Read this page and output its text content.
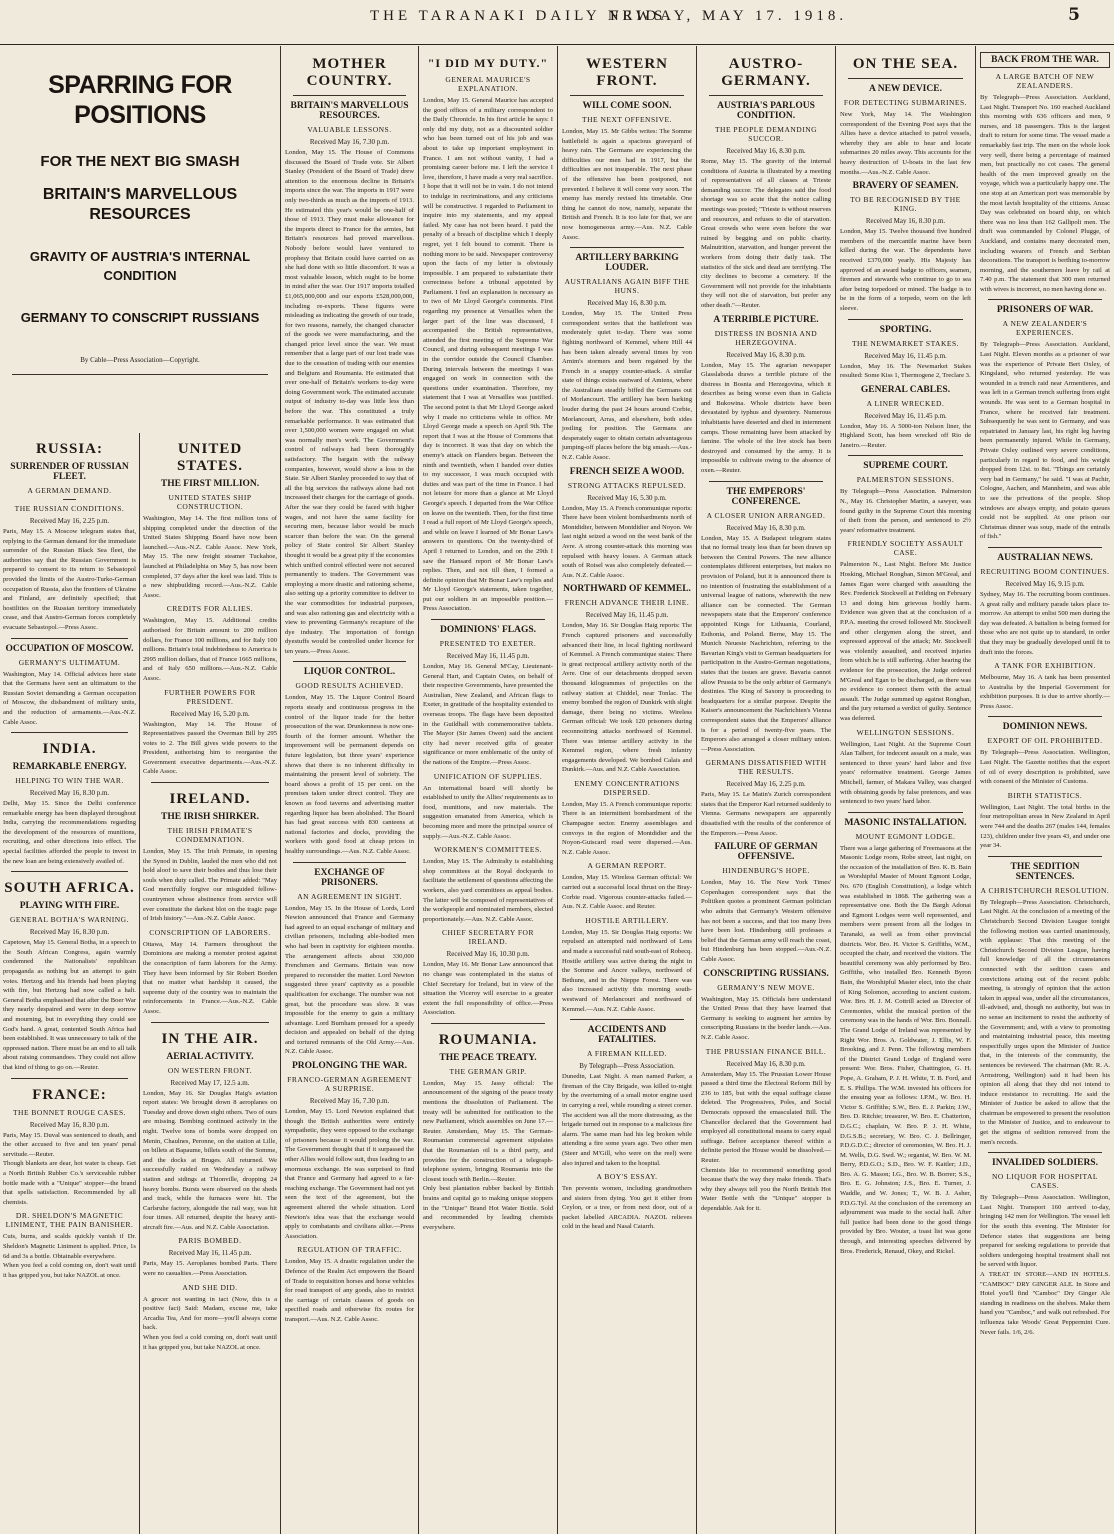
THE TARANAKI DAILY NEWS.
FRIDAY, MAY 17. 1918.	5
SPARRING FOR POSITIONS
FOR THE NEXT BIG SMASH
BRITAIN'S MARVELLOUS RESOURCES
GRAVITY OF AUSTRIA'S INTERNAL CONDITION
GERMANY TO CONSCRIPT RUSSIANS
By Cable—Press Association—Copyright.
RUSSIA:
SURRENDER OF RUSSIAN FLEET.
A GERMAN DEMAND.
THE RUSSIAN CONDITIONS.
Received May 16, 2.25 p.m.
Paris, May 15. A Moscow telegram states that, replying to the German demand for the immediate surrender of the Russian Black Sea fleet, the authorities say that the Russian Government is prepared to consent to its return to Sebastopol provided the limits of the Austro-Turko-German occupation of Russia, also the frontiers of Ukraine and Finland, are definitely specified; that hostilities on the Russian territory immediately cease, and that Austro-German forces completely evacuate Sebastopol.—Press Assoc.
OCCUPATION OF MOSCOW.
GERMANY'S ULTIMATUM.
Washington, May 14. Official advices here state that the Germans have sent an ultimatum to the Russian Soviet demanding a German occupation of Moscow, the disbandment of military units, and the reduction of armaments.—Aus.-N.Z. Cable Assoc.
INDIA.
REMARKABLE ENERGY.
HELPING TO WIN THE WAR.
Received May 16, 8.30 p.m.
Delhi, May 15. Since the Delhi conference remarkable energy has been displayed throughout India, carrying the recommendations regarding the development of the resources of munitions, recruiting, and other directions into effect. The special facilities afforded the people to invest in the new loan are being extensively availed of.
SOUTH AFRICA.
PLAYING WITH FIRE.
GENERAL BOTHA'S WARNING.
Received May 16, 8.30 p.m.
Capetown, May 15. General Botha, in a speech to the South African Congress, again warmly condemned the Nationalists' republican propaganda as nothing but an attempt to gain votes. Hertzog and his friends had been playing with fire, but Hertzog had now called a halt. General Botha emphasised that after the Boer War they nearly despaired and were in deep sorrow and mourning, but in everything they could see God's hand. A great, contented South Africa had been established. It was unnecessary to talk of the oppressed nation. There must be an end to all talk about raising commandoes. They could not allow that kind of thing to go on.—Reuter.
FRANCE:
THE BONNET ROUGE CASES.
Received May 16, 8.30 p.m.
Paris, May 15. Duval was sentenced to death, and the other accused to five and ten years' penal servitude.—Reuter.
Though blankets are dear, hot water is cheap. Get a North British Rubber Co.'s serviceable rubber bottle made with a "Unique" stopper—the brand that spells satisfaction. Recommended by all chemists.
DR. SHELDON'S MAGNETIC LINIMENT, THE PAIN BANISHER.
Cuts, burns, and scalds quickly vanish if Dr. Sheldon's Magnetic Liniment is applied. Price, 1s 6d and 3s a bottle. Obtainable everywhere.
When you feel a cold coming on, don't wait until it has gripped you, but take NAZOL at once.
UNITED STATES.
THE FIRST MILLION.
UNITED STATES SHIP CONSTRUCTION.
Washington, May 14. The first million tons of shipping completed under the direction of the United States Shipping Board have now been launched.—Aus.-N.Z. Cable Assoc. New York, May 15. The new freight steamer Tuckahoe, launched at Philadelphia on May 5, has now been completed, 37 days after the keel was laid. This is a new shipbuilding record.—Aus.-N.Z. Cable Assoc.
CREDITS FOR ALLIES.
Washington, May 15. Additional credits authorised for Britain amount to 200 million dollars, for France 100 millions, and for Italy 100 millions. Britain's total indebtedness to America is 2995 million dollars, that of France 1665 millions, and of Italy 650 millions.—Aus.-N.Z. Cable Assoc.
FURTHER POWERS FOR PRESIDENT.
Received May 16, 5.20 p.m.
Washington, May 14. The House of Representatives passed the Overman Bill by 295 votes to 2. The Bill gives wide powers to the President, authorising him to reorganise the Government executive departments.—Aus.-N.Z. Cable Assoc.
IRELAND.
THE IRISH SHIRKER.
THE IRISH PRIMATE'S CONDEMNATION.
London, May 15. The Irish Primate, in opening the Synod in Dublin, lauded the men who did not hold aloof to save their bodies and thus lose their souls when duty called. The Primate added: "May God mercifully forgive our misguided fellow-countrymen whose abstinence from service will ever constitute the darkest blot on the tragic page of Irish history."—Aus.-N.Z. Cable Assoc.
CONSCRIPTION OF LABORERS.
Ottawa, May 14. Farmers throughout the Dominions are making a monster protest against the conscription of farm laborers for the Army. They have been informed by Sir Robert Borden that no matter what hardship it caused, the supreme duty of the country was to maintain the reinforcements in France.—Aus.-N.Z. Cable Assoc.
IN THE AIR.
AERIAL ACTIVITY.
ON WESTERN FRONT.
Received May 17, 12.5 a.m.
London, May 16. Sir Douglas Haig's aviation report states: We brought down 8 aeroplanes on Tuesday and drove down eight others. Two of ours are missing. Bombing continued actively in the night. Twelve tons of bombs were dropped on Menin, Chaulnes, Peronne, on the station at Lille, on billets at Bapaume, billets south of the Somme, and the docks at Bruges. All returned. We successfully raided on Wednesday a railway station and sidings at Thionville, dropping 24 heavy bombs. Bursts were observed on the sheds and track, while the furnaces were hit. The Carlsruhe factory, alongside the rail way, was hit four times. All returned, despite the heavy anti-aircraft fire.—Aus. and N.Z. Cable Association.
PARIS BOMBED.
Received May 16, 11.45 p.m.
Paris, May 15. Aeroplanes bombed Paris. There were no casualties.—Press Association.
AND SHE DID.
A grocer not wanting in tact (Now, this is a positive fact) Said: Madam, excuse me, take Arcadia Tea, And for more—you'll always come back.
When you feel a cold coming on, don't wait until it has gripped you, but take NAZOL at once.
MOTHER COUNTRY.
BRITAIN'S MARVELLOUS RESOURCES.
VALUABLE LESSONS.
Received May 16, 7.30 p.m.
London, May 15. The House of Commons discussed the Board of Trade vote. Sir Albert Stanley (President of the Board of Trade) drew attention to the enormous decline in Britain's imports since the war. The imports in 1917 were only two-thirds as much as the imports of 1913. He estimated this year's would be one-half of those of 1913. They must make allowance for the imports direct to France for the armies, but Britain's resources had proved marvellous. Nobody before would have ventured to prophesy that Britain could have carried on as she had done with so little discomfort. It was a most valuable lesson, which ought to be borne in mind after the war. Our 1917 imports totalled £1,065,000,000 and our exports £528,000,000, including re-exports. These figures were misleading as indicating the growth of our trade, for two reasons, namely, the changed character of the goods we were manufacturing, and the changed price level since the war. We must remember that a large part of our lost trade was due to the cessation of trading with our enemies and Belgium and Roumania. He estimated that over one-half of Britain's workers to-day were doing Government work. The estimated accurate output of industry to-day was little less than before the war. This constituted a truly remarkable performance. It was estimated that over 1,500,000 women were engaged on what was normally men's work. The Government's control of railways had been thoroughly satisfactory. The bargain with the railway companies, however, would show a loss to the State. Sir Albert Stanley proceeded to say that of all the big services the railways alone had not increased their charges for the carriage of goods. After the war they could be faced with higher wages, and not have the same facility for securing men, because labor would be much scarcer than before the war. On the general policy of State control Sir Albert Stanley thought it would be a great pity if the economies which unified control effected were not secured permanently to traders. The Government was employing a more drastic and rationing scheme, also setting up a priority committee to deliver to the war commodities for industrial purposes, and was also rationing gas and electricity with a view to preventing Germany's recapture of the dye industry. The importation of foreign dyestuffs would be controlled under licence for ten years.—Press Assoc.
LIQUOR CONTROL.
GOOD RESULTS ACHIEVED.
London, May 15. The Liquor Control Board reports steady and continuous progress in the control of the liquor trade for the better prosecution of the war. Drunkenness is now one-fourth of the former amount. Whether the improvement will be permanent depends on future legislation, but three years' experience shows that there is no inherent difficulty in maintaining the present level of sobriety. The board shows a profit of 15 per cent. on the premises taken under direct control. They are known as food taverns and advertising matter regarding liquor has been abolished. The Board has had great success with 830 canteens at national factories and docks, providing the workers with good food at cheap prices in healthy surroundings.—Aus. N.Z. Cable Assoc.
EXCHANGE OF PRISONERS.
AN AGREEMENT IN SIGHT.
London, May 15. In the House of Lords, Lord Newton announced that France and Germany had agreed to an equal exchange of military and civilian prisoners, including able-bodied men who had been in captivity for eighteen months. The arrangement affects about 330,000 Frenchmen and Germans. Britain was now prepared to reconsider the matter. Lord Newton suggested three years' captivity as a possible qualification for exchange. The number was not great, but the procedure was slow. It was impossible for the enemy to gain a military advantage. Lord Burnham pressed for a speedy decision and appealed on behalf of the dying and tortured remnants of the Old Army.—Aus. N.Z. Cable Assoc.
PROLONGING THE WAR.
FRANCO-GERMAN AGREEMENT A SURPRISE.
Received May 16, 7.30 p.m.
London, May 15. Lord Newton explained that though the British authorities were entirely sympathetic, they were opposed to the exchange of prisoners because it would prolong the war. The Government thought that if it surpassed the other Allies would follow suit, thus leading to an enormous exchange. He was surprised to find that France and Germany had agreed to a far-reaching exchange. The Government had not yet seen the text of the agreement, but the agreement altered the whole situation. Lord Newton's idea was that the exchange would apply to combatants and civilians alike.—Press Association.
REGULATION OF TRAFFIC.
London, May 15. A drastic regulation under the Defence of the Realm Act empowers the Board of Trade to requisition horses and horse vehicles for road transport of any goods, also to restrict the carriage of certain classes of goods on specified roads and otherwise fix routes for transport.—Aus. N.Z. Cable Assoc.
"I DID MY DUTY."
GENERAL MAURICE'S EXPLANATION.
London, May 15. General Maurice has accepted the good offices of a military correspondent to the Daily Chronicle. In his first article he says: I only did my duty, not as a discounted soldier who has been turned out of his job and was about to take up important employment in France. I am not without vanity, I had a promising career before me. I left the service I love, therefore, I have made a very real sacrifice. I hope that it will not be in vain. I do not intend to indulge in recriminations, and any criticisms will be constructive. I regarded to Parliament to inquire into my statements, and my appeal failed. My case has not been heard. I paid the penalty of a breach of discipline which I deeply regret, yet I felt bound to commit. There is nothing more to be said. Newspaper controversy upon the facts of my letter is obviously impossible. I am prepared to substantiate their correctness before a tribunal appointed by Parliament. I feel an explanation is necessary as to two of Mr Lloyd George's comments. First regarding my presence at Versailles when the larger part of the line was discussed, I accompanied the British representatives, attended the first meeting of the Supreme War Council, and during subsequent meetings I was in the corridor outside the Council Chamber. During intervals between the meetings I was engaged on work in connection with the questions under examination. Therefore, my statement that I was at Versailles was justified. The second point is that Mr Lloyd George asked why I made no criticisms while in office. Mr Lloyd George made a speech on April 9th. The report that I was at the House of Commons that day is incorrect. It was that day on which the enemy's attack on Flanders began. Between the ninth and twentieth, when I handed over duties to my successor, I was much occupied with duties and was part of the time in France. I had not leisure for more than a glance at Mr Lloyd George's speech. I departed from the War Office on leave on the twentieth. Then, for the first time I read a full report of Mr Lloyd George's speech, and while on leave I learned of Mr Bonar Law's answers to questions. On the twenty-third of April I returned to London, and on the 29th I saw the Hansard report of Mr Bonar Law's replies. Then, and not till then, I formed a definite opinion that Mr Bonar Law's replies and Mr Lloyd George's statements, taken together, put our soldiers in an impossible position.—Press Association.
DOMINIONS' FLAGS.
PRESENTED TO EXETER.
Received May 16, 11.45 p.m.
London, May 16. General M'Cay, Lieutenant-General Hart, and Captain Oates, on behalf of their respective Governments, have presented the Australian, New Zealand, and African flags to Exeter, in gratitude of the hospitality extended to overseas troops. The flags have been deposited in the Guildhall with commemorative tablets. The Mayor (Sir James Owen) said the ancient city had never received gifts of greater significance or more emblematic of the unity of the nations of the Empire.—Press Assoc.
UNIFICATION OF SUPPLIES.
An international board will shortly be established to unify the Allies' requirements as to food, munitions, and raw materials. The suggestion emanated from America, which is becoming more and more the principal source of supply.—Aus.-N.Z. Cable Assoc.
WORKMEN'S COMMITTEES.
London, May 15. The Admiralty is establishing shop committees at the Royal dockyards to facilitate the settlement of questions affecting the workers, also yard committees as appeal bodies. The latter will be composed of representatives of the workpeople and nominated members, elected proportionately.—Aus. N.Z. Cable Assoc.
CHIEF SECRETARY FOR IRELAND.
Received May 16, 10.30 p.m.
London, May 16. Mr Bonar Law announced that no change was contemplated in the status of Chief Secretary for Ireland, but in view of the situation the Viceroy will exercise to a greater extent the full responsibility of office.—Press Association.
ROUMANIA.
THE PEACE TREATY.
THE GERMAN GRIP.
London, May 15. Jassy official: The announcement of the signing of the peace treaty mentions the dissolution of Parliament. The treaty will be submitted for ratification to the new Parliament, which assembles on June 17.—Reuter. Amsterdam, May 15. The German-Roumanian commercial agreement stipulates that the Roumanian oil is a third party, and provides for the construction of a telegraph-telephone system, bringing Roumania into the closest touch with Berlin.—Reuter.
Only best plantation rubber backed by British brains and capital go to making unique stoppers in the "Unique" Brand Hot Water Bottle. Sold and recommended by leading chemists everywhere.
WESTERN FRONT.
WILL COME SOON.
THE NEXT OFFENSIVE.
London, May 15. Mr Gibbs writes: The Somme battlefield is again a spacious graveyard of heavy rain. The Germans are experiencing the difficulties our men had in 1917, but the difficulties are not insuperable. The next phase of the offensive has been postponed, not prevented. I believe it will come very soon. The enemy has merely revised his timetable. One thing he cannot do now, namely, separate the British and French. It is too late for that, we are now homogeneous army.—Aus. N.Z. Cable Assoc.
ARTILLERY BARKING LOUDER.
AUSTRALIANS AGAIN BIFF THE HUNS.
Received May 16, 8.30 p.m.
London, May 15. The United Press correspondent writes that the battlefront was moderately quiet to-day. There was some fighting northward of Kemmel, where Hill 44 has been taken already several times by von Arnim's stormers and been regained by the French in a snappy counter-attack. A similar state of things exists eastward of Amiens, where the Australians steadily biffed the Germans out of Morlancourt. The artillery has been barking louder during the past 24 hours around Corbie, Morlancourt, Arras, and elsewhere, both sides jostling for position. The Germans are desperately eager to obtain certain advantageous jumping-off places before the big smash.—Aus.-N.Z. Cable Assoc.
FRENCH SEIZE A WOOD.
STRONG ATTACKS REPULSED.
Received May 16, 5.30 p.m.
London, May 15. A French communique reports: There have been violent bombardments north of Montdidier, between Montdidier and Noyon. We last night seized a wood on the west bank of the Avre. A strong counter-attack this morning was repulsed with heavy losses. A German attack south of Roisel was also completely defeated.—Aus. N.Z. Cable Assoc.
NORTHWARD OF KEMMEL.
FRENCH ADVANCE THEIR LINE.
Received May 16, 11.45 p.m.
London, May 16. Sir Douglas Haig reports: The French captured prisoners and successfully advanced their line, in local fighting northward of Kemmel. A French communique states: There is great reciprocal artillery activity north of the Avre. One of our detachments dropped seven thousand kilogrammes of projectiles on the railway station at Chiddel, near Tonlac. The enemy bombed the region of Dunkirk with slight damage, there being no victims. Wireless German official: We took 120 prisoners during reconnoitring attacks northward of Kemmel. There was intense artillery activity in the Kemmel region, where fresh infantry engagements developed. We bombed Calais and Dunkirk.—Aus. and N.Z. Cable Association.
ENEMY CONCENTRATIONS DISPERSED.
London, May 15. A French communique reports: There is an intermittent bombardment of the Champagne sector. Enemy assemblages and convoys in the region of Montdidier and the Noyon-Guiscard road were dispersed.—Aus. N.Z. Cable Assoc.
A GERMAN REPORT.
London, May 15. Wireless German official: We carried out a successful local thrust on the Bray-Corbie road. Vigorous counter-attacks failed.—Aus. N.Z. Cable Assoc. and Reuter.
HOSTILE ARTILLERY.
London, May 15. Sir Douglas Haig reports: We repulsed an attempted raid northward of Lens and made a successful raid south-east of Robecq. Hostile artillery was active during the night in the Somme and Ancre valleys, northward of Bethune, and in the Nieppe Forest. There was also increased activity this morning south-westward of Merlancourt and northward of Kemmel.—Aus. N.Z. Cable Assoc.
ACCIDENTS AND FATALITIES.
A FIREMAN KILLED.
By Telegraph—Press Association.
Dunedin, Last Night. A man named Parker, a fireman of the City Brigade, was killed to-night by the overturning of a small motor engine used in carrying a reel, while rounding a street corner. The accident was all the more distressing, as the brigade turned out in response to a malicious fire alarm. The same man had his leg broken while attending a fire some years ago. Two other men (Steer and M'Gill, who were on the reel) were also injured and taken to the hospital.
A BOY'S ESSAY.
Ten prevents women, including grandmothers and sisters from dying. You get it either from Ceylon, or a tree, or from next door, out of a packet labelled ARCADIA. NAZOL relieves cold in the head and Nasal Catarrh.
AUSTRO-GERMANY.
AUSTRIA'S PARLOUS CONDITION.
THE PEOPLE DEMANDING SUCCOR.
Received May 16, 8.30 p.m.
Rome, May 15. The gravity of the internal conditions of Austria is illustrated by a meeting of representatives of all classes at Trieste demanding succor. The delegates said the food shortage was so acute that the notice calling meetings was posted; "Trieste is without reserves and resources, and refuses to die of starvation. Great crowds who were even before the war ruined by begging and on public charity. Malnutrition, starvation, and hunger prevent the workers from doing their daily task. The statistics of the sick and dead are terrifying. The city declines to become a cemetery. If the Government will not provide for the inhabitants they will not die of starvation, but prefer any other death."—Reuter.
A TERRIBLE PICTURE.
DISTRESS IN BOSNIA AND HERZEGOVINA.
Received May 16, 8.30 p.m.
London, May 15. The agrarian newspaper Glasslaboda draws a terrible picture of the distress in Bosnia and Herzegovina, which it describes as being worse even than in Galicia and Bukowina. Whole districts have been devastated by typhus and dysentery. Numerous inhabitants have deserted and died in internment camps. Those remaining have been attacked by famine. The whole of the live stock has been destroyed and consumed by the army. It is impossible to cultivate owing to the absence of oxen.—Reuter.
THE EMPERORS' CONFERENCE.
A CLOSER UNION ARRANGED.
Received May 16, 8.30 p.m.
London, May 15. A Budapest telegram states that no formal treaty less than far been drawn up between the Central Powers. The new alliance contemplates different enterprises, but makes no provision of Poland, but it is announced there is no intention of frustrating the establishment of a universal league of nations, wherewith the new alliance can be connected. The German newspapers state that the Emperors' conference appointed Kings for Lithuania, Courland, Esthonia, and Poland. Berne, May 15. The Munich Neueste Nachrichten, referring to the Bavarian King's visit to German headquarters for participation in the Austro-German negotiations, states that the issues are grave. Bavaria cannot allow Prussia to be the only arbiter of Germany's destinies. The King of Saxony is proceeding to headquarters for a similar purpose. Despite the Kaiser's announcement the Nachrichten's Vienna correspondent states that the Emperors' alliance is for a period of twenty-five years. The Emperors also arranged a closer military union.—Press Association.
GERMANS DISSATISFIED WITH THE RESULTS.
Received May 16, 2.25 p.m.
Paris, May 15. Le Matin's Zurich correspondent states that the Emperor Karl returned suddenly to Vienna. Germans newspapers are apparently dissatisfied with the results of the conference of the Emperors.—Press Assoc.
FAILURE OF GERMAN OFFENSIVE.
HINDENBURG'S HOPE.
London, May 16. The New York Times' Copenhagen correspondent says that the Politiken quotes a prominent German politician who admits that Germany's Western offensive has not been a success, and that too many lives have been lost. Hindenburg still professes a belief that the German army will reach the coast, but Hindenburg has been stopped.—Aus.-N.Z. Cable Assoc.
CONSCRIPTING RUSSIANS.
GERMANY'S NEW MOVE.
Washington, May 15. Officials here understand the United Press that they have learned that Germany is seeking to augment her armies by conscripting Russians in the border lands.—Aus. N.Z. Cable Assoc.
THE PRUSSIAN FINANCE BILL.
Received May 16, 8.30 p.m.
Amsterdam, May 15. The Prussian Lower House passed a third time the Electoral Reform Bill by 236 to 185, but with the equal suffrage clause deleted. The Progressives, Poles, and Social Democrats opposed the emasculated Bill. The Chancellor declared that the Government had employed all constitutional means to carry equal suffrage. Before acceptance thereof within a definite period the House would be dissolved.—Reuter.
Chemists like to recommend something good because that's the way they make friends. That's why they always tell you the North British Hot Water Bottle with the "Unique" stopper is dependable. Ask for it.
ON THE SEA.
A NEW DEVICE.
FOR DETECTING SUBMARINES.
New York, May 14. The Washington correspondent of the Evening Post says that the Allies have a device attached to patrol vessels, whereby they are able to hear and locate submarines 20 miles away. This accounts for the heavy destruction of U-boats in the last few months.—Aus.-N.Z. Cable Assoc.
BRAVERY OF SEAMEN.
TO BE RECOGNISED BY THE KING.
Received May 16, 8.30 p.m.
London, May 15. Twelve thousand five hundred members of the mercantile marine have been killed during the war. The dependents have received £370,000 yearly. His Majesty has approved of an award badge to officers, seamen, firemen and stewards who continue to go to sea after being torpedoed or mined. The badge is to be in the form of a torpedo, worn on the left sleeve.
SPORTING.
THE NEWMARKET STAKES.
Received May 16, 11.45 p.m.
London, May 16. The Newmarket Stakes resulted: Some Kiss 1, Thermogene 2, Treclare 3.
GENERAL CABLES.
A LINER WRECKED.
Received May 16, 11.45 p.m.
London, May 16. A 5000-ton Nelson liner, the Highland Scott, has been wrecked off Rio de Janeiro.—Reuter.
SUPREME COURT.
PALMERSTON SESSIONS.
By Telegraph—Press Association. Palmerston N., May 16. Christopher Martin, a sawyer, was found guilty in the Supreme Court this morning of theft from the person, and sentenced to 2½ years' reformative treatment.
FRIENDLY SOCIETY ASSAULT CASE.
Palmerston N., Last Night. Before Mr. Justice Hosking, Michael Rongban, Simon M'Greal, and James Egan were charged with assaulting the Rev. Frederick Stockwell at Feilding on February 13 and doing him grievous bodily harm. Evidence was given that at the conclusion of a P.P.A. meeting the crowd followed Mr. Stockwell and other clergymen along the street, and expressed approval of the attack; Mr. Stockwell was violently assaulted, and received injuries from which he is still suffering. After hearing the evidence for the prosecution, the Judge ordered M'Greal and Egan to be discharged, as there was no evidence to connect them with the actual assault. The Judge summed up against Rongban, and the jury returned a verdict of guilty. Sentence was deferred.
WELLINGTON SESSIONS.
Wellington, Last Night. At the Supreme Court Alan Talbert, for indecent assault on a male, was sentenced to three years' hard labor and five years' reformative treatment. George James Mitchell, farmer, of Makara Valley, was charged with obtaining goods by false pretences, and was sentenced to two years' hard labor.
MASONIC INSTALLATION.
MOUNT EGMONT LODGE.
There was a large gathering of Freemasons at the Masonic Lodge room, Robe street, last night, on the occasion of the installation of Bro. K. B. Bain as Worshipful Master of Mount Egmont Lodge, No. 670 (English Constitution), a lodge which was established in 1868. The gathering was a representative one. Both the Da Bargh Adonai and Egmont Lodges were well represented, and members were present from all the lodges in Taranaki, as well as from other provincial districts. Wor. Bro. H. Victor S. Griffiths, W.M., occupied the chair, and received the visitors. The beautiful ceremony was ably performed by Bro. Griffiths, who installed Bro. Kenneth Byron Bain, the Worshipful Master elect, into the chair of King Solomon, according to ancient custom. Wor. Bro. H. J. M. Cottrill acted as Director of Ceremonies, whilst the musical portion of the ceremony was in the hands of Wor. Bro. Bonnall. The Grand Lodge of Ireland was represented by Right Wor. Bros. A. Goldwater, J. Ellis, W. F. Brooking, and J. Penn. The following members of the District Grand Lodge of England were present: Wor. Bros. Fisher, Chattington, G. H. Pope, A. Graham, P. J. H. White, T. B. Ford, and E. S. Phillips. The W.M. invested his officers for the ensuing year as follows: I.P.M., W. Bro. H. Victor S. Griffiths; S.W., Bro. E. J. Parkin; J.W., Bro. D. Ritchie; treasurer, W. Bro. E. Chatterton, D.G.C.; chaplain, W. Bro. P. J. H. White, D.G.S.B.; secretary, W. Bro. C. J. Bellringer, P.D.G.D.C.; director of ceremonies, W. Bro. H. J. M. Wells, D.G. Swd. W.; organist, W. Bro. W. M. Berry, P.D.G.O.; S.D., Bro. W. F. Kaitler; J.D., Bro. A. G. Mason; I.G., Bro. W. B. Borrer; S.S., Bro. E. G. Johnston; J.S., Bro. E. Turner, J. Waddle, and W. Jones; T., W. B. J. Asher, P.D.G.Tyl. At the conclusion of the ceremony an adjournment was made to the social hall. After full justice had been done to the good things provided by Bro. Wouter, a toast list was gone through, and interesting speeches delivered by Bros. Frederick, Renaud, Okey, and Rickel.
BACK FROM THE WAR.
A LARGE BATCH OF NEW ZEALANDERS.
By Telegraph—Press Association. Auckland, Last Night. Transport No. 160 reached Auckland this morning with 636 officers and men, 9 nurses, and 18 passengers. This is the largest draft to return for some time. The vessel made a remarkably fast trip. The men on the whole look very well, there being a percentage of maimed men, but practically no cot cases. The general health of the men improved greatly on the voyage, which was a particularly happy one. The one stop at an American port was memorable by the most lavish hospitality of the citizens. Anzac Day was celebrated on board ship, on which there was no less than 162 Gallipoli men. The draft was commanded by Colonel Plugge, of Auckland, and contains many decorated men, including wearers of French and Serbian decorations. The transport is berthing to-morrow morning, and the southerners leave by rail at 7.40 p.m. The statement that 300 men returned with wives is incorrect, no men having done so.
PRISONERS OF WAR.
A NEW ZEALANDER'S EXPERIENCES.
By Telegraph—Press Association. Auckland, Last Night. Eleven months as a prisoner of war was the experience of Private Bert Oxley, of Kingsland, who returned yesterday. He was wounded in a trench raid near Armentieres, and was left in a German trench suffering from eight wounds. He was sent to a German hospital in France, where he received fair treatment. Subsequently he was sent to Germany, and was repatriated in January last, his right leg having been permanently injured. While in Germany, Private Oxley outlined very severe conditions, particularly in regard to food, and his weight dropped from 12st. to 8st. "Things are certainly very bad in Germany," he said. "I was at Pachir, Cologne, Aachen, and Mannheim, and was able to see the privations of the people. Shop windows are always empty, and potato queues could not be supplied. At one prison our Christmas dinner was soup, made of the entrails of fish."
AUSTRALIAN NEWS.
RECRUITING BOOM CONTINUES.
Received May 16, 9.15 p.m.
Sydney, May 16. The recruiting boom continues. A great rally and military parade takes place to-morrow. An attempt to enlist 500 men during the day was defeated. A battalion is being formed for those who are not quite up to standard, in order that they may be gradually developed until fit to draft into the forces.
A TANK FOR EXHIBITION.
Melbourne, May 16. A tank has been presented to Australia by the Imperial Government for exhibition purposes. It is due to arrive shortly.—Press Assoc.
DOMINION NEWS.
EXPORT OF OIL PROHIBITED.
By Telegraph—Press Association. Wellington, Last Night. The Gazette notifies that the export of oil of every description is prohibited, save with consent of the Minister of Customs.
BIRTH STATISTICS.
Wellington, Last Night. The total births in the four metropolitan areas in New Zealand in April were 744 and the deaths 267 (males 144, females 123), children under five years 43, and under one year 34.
THE SEDITION SENTENCES.
A CHRISTCHURCH RESOLUTION.
By Telegraph—Press Association. Christchurch, Last Night. At the conclusion of a meeting of the Christchurch Second Division League tonight the following motion was carried unanimously, with applause: That this meeting of the Christchurch Second Division League, having full knowledge of all the circumstances connected with the sedition cases and convictions arising out of the recent public meeting, is strongly of opinion that the action taken in appeal was, under all the circumstances, ill-advised, and, though no authority, but was in no sense an incitement to resist the authority of the Government; and, with a view to promoting and maintaining industrial peace, this meeting respectfully urges upon the Minister of Justice that, in the interests of the community, the sentences be reviewed. The chairman (Mr. R. A. Armstrong, Wellington) said it had been his opinion all along that they did not intend to induce resistance to recruiting. He said the Minister of Justice be asked to allow that the chairman be empowered to present the resolution to the Minister of Justice, and to endeavour to get the stigma of sedition removed from the men's records.
INVALIDED SOLDIERS.
NO LIQUOR FOR HOSPITAL CASES.
By Telegraph—Press Association. Wellington, Last Night. Transport 160 arrived to-day, bringing 142 men for Wellington. The vessel left for the south this evening. The Minister for Defence states that suggestions are being prepared for seeking regulations to provide that soldiers undergoing hospital treatment shall not be served with liquor.
A TREAT IN STORE—AND IN HOTELS. "CAMBOC" DRY GINGER ALE. In Store and Hotel you'll find "Camboc" Dry Ginger Ale standing in readiness on the shelves. Make them hand you "Camboc," and walk out refreshed. For influenza take Woods' Great Peppermint Cure. Never fails. 1/6, 2/6.
